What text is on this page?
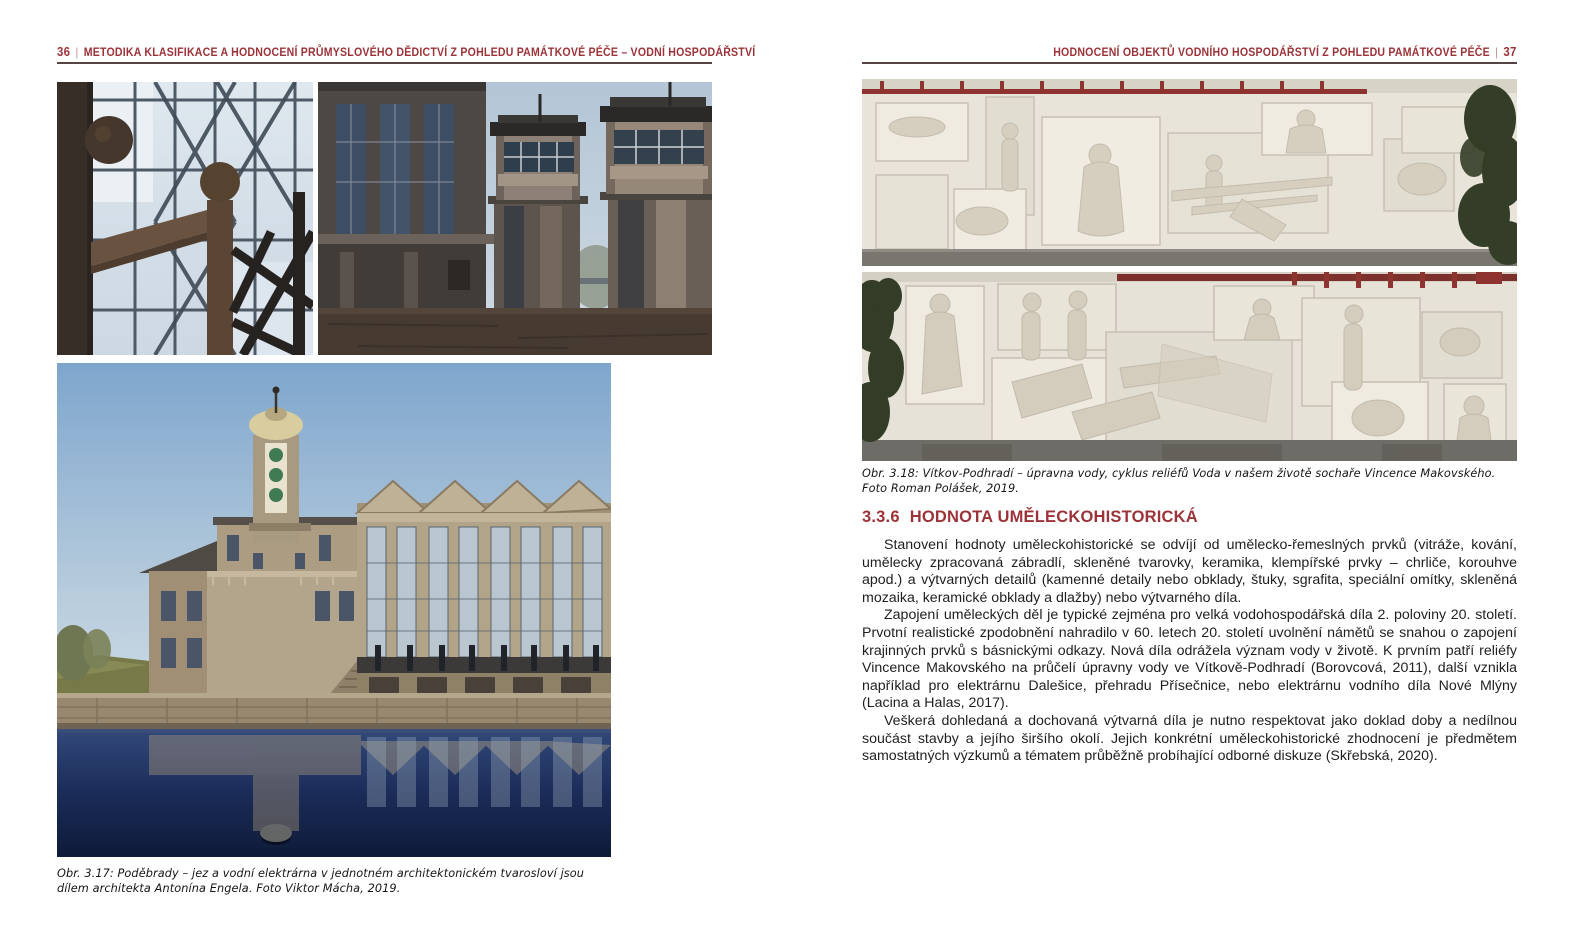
36 | METODIKA KLASIFIKACE A HODNOCENÍ PRŮMYSLOVÉHO DĚDICTVÍ Z POHLEDU PAMÁTKOVÉ PÉČE – VODNÍ HOSPODÁŘSTVÍ	HODNOCENÍ OBJEKTŮ VODNÍHO HOSPODÁŘSTVÍ Z POHLEDU PAMÁTKOVÉ PÉČE | 37
Obr. 3.17: Poděbrady – jez a vodní elektrárna v jednotném architektonickém tvarosloví jsou dílem architekta Antonína Engela. Foto Viktor Mácha, 2019.
Obr. 3.18: Vítkov-Podhradí – úpravna vody, cyklus reliéfů Voda v našem životě sochaře Vincence Makovského. Foto Roman Polášek, 2019.
3.3.6 HODNOTA UMĚLECKOHISTORICKÁ

Stanovení hodnoty uměleckohistorické se odvíjí od umělecko-řemeslných prvků (vitráže, kování, umělecky zpracovaná zábradlí, skleněné tvarovky, keramika, klempířské prvky – chrliče, korouhve apod.) a výtvarných detailů (kamenné detaily nebo obklady, štuky, sgrafita, speciální omítky, skleněná mozaika, keramické obklady a dlažby) nebo výtvarného díla.

Zapojení uměleckých děl je typické zejména pro velká vodohospodářská díla 2. poloviny 20. století. Prvotní realistické zpodobnění nahradilo v 60. letech 20. století uvolnění námětů se snahou o zapojení krajinných prvků s básnickými odkazy. Nová díla odrážela význam vody v životě. K prvním patří reliéfy Vincence Makovského na průčelí úpravny vody ve Vítkově-Podhradí (Borovcová, 2011), další vznikla například pro elektrárnu Dalešice, přehradu Přísečnice, nebo elektrárnu vodního díla Nové Mlýny (Lacina a Halas, 2017).

Veškerá dohledaná a dochovaná výtvarná díla je nutno respektovat jako doklad doby a nedílnou součást stavby a jejího širšího okolí. Jejich konkrétní uměleckohistorické zhodnocení je předmětem samostatných výzkumů a tématem průběžně probíhající odborné diskuze (Skřebská, 2020).
